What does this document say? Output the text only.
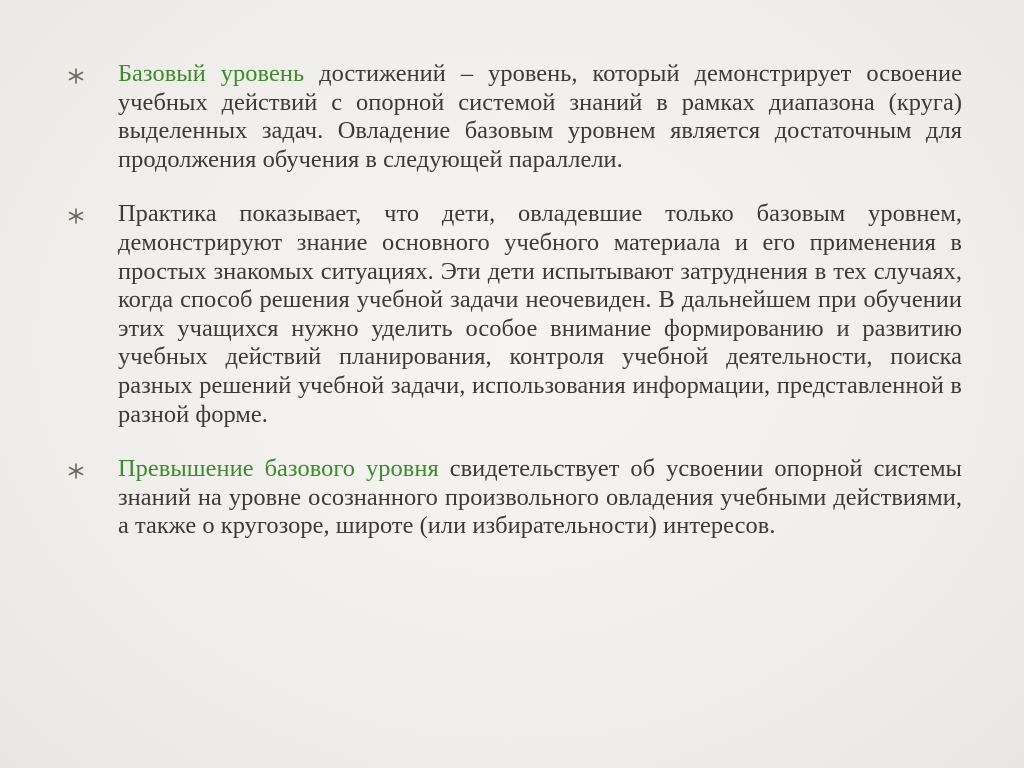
Базовый уровень достижений – уровень, который демонстрирует освоение учебных действий с опорной системой знаний в рамках диапазона (круга) выделенных задач. Овладение базовым уровнем является достаточным для продолжения обучения в следующей параллели.
Практика показывает, что дети, овладевшие только базовым уровнем, демонстрируют знание основного учебного материала и его применения в простых знакомых ситуациях. Эти дети испытывают затруднения в тех случаях, когда способ решения учебной задачи неочевиден. В дальнейшем при обучении этих учащихся нужно уделить особое внимание формированию и развитию учебных действий планирования, контроля учебной деятельности, поиска разных решений учебной задачи, использования информации, представленной в разной форме.
Превышение базового уровня свидетельствует об усвоении опорной системы знаний на уровне осознанного произвольного овладения учебными действиями, а также о кругозоре, широте (или избирательности) интересов.
